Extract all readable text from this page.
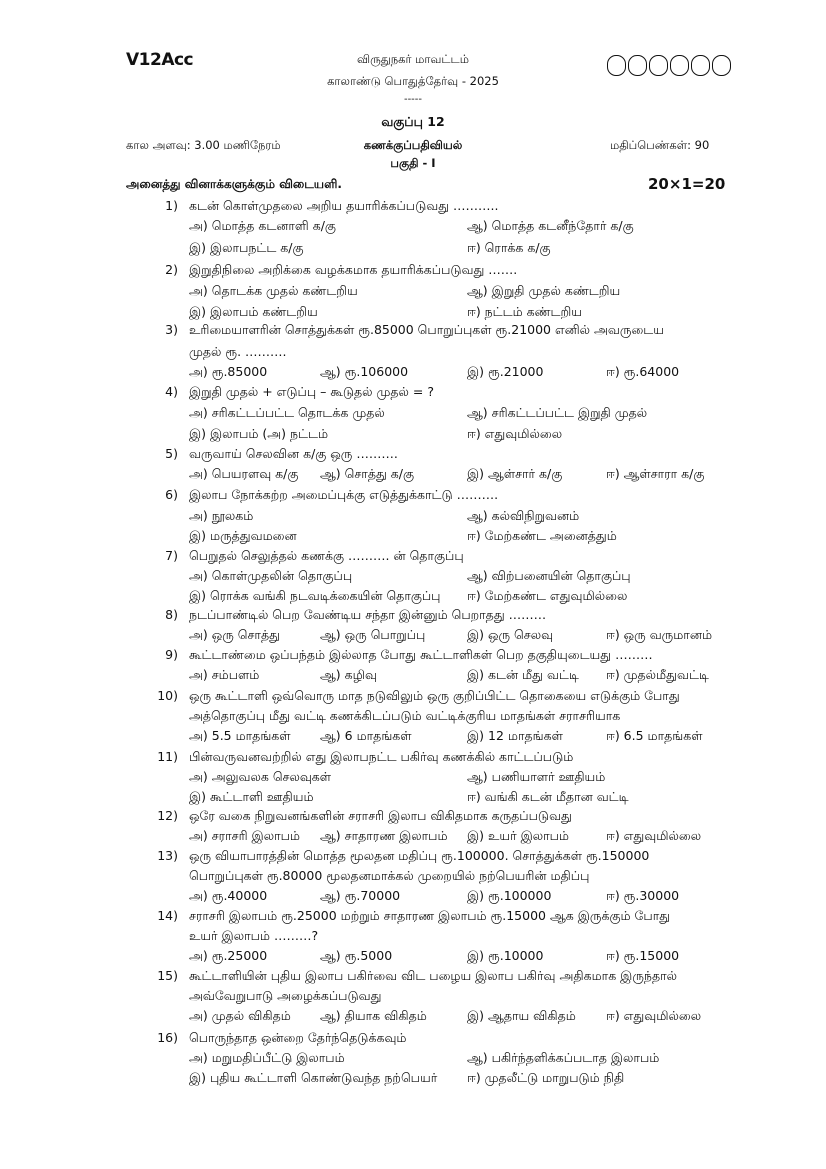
V12Acc	விருதுநகர் மாவட்டம்
காலாண்டு பொதுத்தேர்வு - 2025
-----
வகுப்பு 12
கால அளவு: 3.00 மணிநேரம்	கணக்குப்பதிவியல்	மதிப்பெண்கள்: 90
பகுதி - I
அனைத்து வினாக்களுக்கும் விடையளி.	20×1=20
1) கடன் கொள்முதலை அறிய தயாரிக்கப்படுவது ………..
அ) மொத்த கடனாளி க/கு	ஆ) மொத்த கடனீந்தோர் க/கு
இ) இலாபநட்ட க/கு	ஈ) ரொக்க க/கு
2) இறுதிநிலை அறிக்கை வழக்கமாக தயாரிக்கப்படுவது …….
அ) தொடக்க முதல் கண்டறிய	ஆ) இறுதி முதல் கண்டறிய
இ) இலாபம் கண்டறிய	ஈ) நட்டம் கண்டறிய
3) உரிமையாளரின் சொத்துக்கள் ரூ.85000 பொறுப்புகள் ரூ.21000 எனில் அவருடைய
முதல் ரூ. ……….
அ) ரூ.85000	ஆ) ரூ.106000	இ) ரூ.21000	ஈ) ரூ.64000
4) இறுதி முதல் + எடுப்பு – கூடுதல் முதல் = ?
அ) சரிகட்டப்பட்ட தொடக்க முதல்	ஆ) சரிகட்டப்பட்ட இறுதி முதல்
இ) இலாபம் (அ) நட்டம்	ஈ) எதுவுமில்லை
5) வருவாய் செலவின க/கு ஒரு ……….
அ) பெயரளவு க/கு ஆ) சொத்து க/கு	இ) ஆள்சார் க/கு	ஈ) ஆள்சாரா க/கு
6) இலாப நோக்கற்ற அமைப்புக்கு எடுத்துக்காட்டு ……….
அ) நூலகம்	ஆ) கல்விநிறுவனம்
இ) மருத்துவமனை	ஈ) மேற்கண்ட அனைத்தும்
7) பெறுதல் செலுத்தல் கணக்கு ………. ன் தொகுப்பு
அ) கொள்முதலின் தொகுப்பு	ஆ) விற்பனையின் தொகுப்பு
இ) ரொக்க வங்கி நடவடிக்கையின் தொகுப்பு ஈ) மேற்கண்ட எதுவுமில்லை
8) நடப்பாண்டில் பெற வேண்டிய சந்தா இன்னும் பெறாதது ………
அ) ஒரு சொத்து	ஆ) ஒரு பொறுப்பு	இ) ஒரு செலவு	ஈ) ஒரு வருமானம்
9) கூட்டாண்மை ஒப்பந்தம் இல்லாத போது கூட்டாளிகள் பெற தகுதியுடையது ………
அ) சம்பளம்	ஆ) கழிவு	இ) கடன் மீது வட்டி ஈ) முதல்மீதுவட்டி
10) ஒரு கூட்டாளி ஒவ்வொரு மாத நடுவிலும் ஒரு குறிப்பிட்ட தொகையை எடுக்கும் போது
அத்தொகுப்பு மீது வட்டி கணக்கிடப்படும் வட்டிக்குரிய மாதங்கள் சராசரியாக
அ) 5.5 மாதங்கள் ஆ) 6 மாதங்கள்	இ) 12 மாதங்கள்	ஈ) 6.5 மாதங்கள்
11) பின்வருவனவற்றில் எது இலாபநட்ட பகிர்வு கணக்கில் காட்டப்படும்
அ) அலுவலக செலவுகள்	ஆ) பணியாளர் ஊதியம்
இ) கூட்டாளி ஊதியம்	ஈ) வங்கி கடன் மீதான வட்டி
12) ஒரே வகை நிறுவனங்களின் சராசரி இலாப விகிதமாக கருதப்படுவது
அ) சராசரி இலாபம் ஆ) சாதாரண இலாபம் இ) உயர் இலாபம்	ஈ) எதுவுமில்லை
13) ஒரு வியாபாரத்தின் மொத்த மூலதன மதிப்பு ரூ.100000. சொத்துக்கள் ரூ.150000
பொறுப்புகள் ரூ.80000 மூலதனமாக்கல் முறையில் நற்பெயரின் மதிப்பு
அ) ரூ.40000	ஆ) ரூ.70000	இ) ரூ.100000	ஈ) ரூ.30000
14) சராசரி இலாபம் ரூ.25000 மற்றும் சாதாரண இலாபம் ரூ.15000 ஆக இருக்கும் போது
உயர் இலாபம் ………?
அ) ரூ.25000	ஆ) ரூ.5000	இ) ரூ.10000	ஈ) ரூ.15000
15) கூட்டாளியின் புதிய இலாப பகிர்வை விட பழைய இலாப பகிர்வு அதிகமாக இருந்தால்
அவ்வேறுபாடு அழைக்கப்படுவது
அ) முதல் விகிதம் ஆ) தியாக விகிதம்	இ) ஆதாய விகிதம் ஈ) எதுவுமில்லை
16) பொருந்தாத ஒன்றை தேர்ந்தெடுக்கவும்
அ) மறுமதிப்பீட்டு இலாபம்	ஆ) பகிர்ந்தளிக்கப்படாத இலாபம்
இ) புதிய கூட்டாளி கொண்டுவந்த நற்பெயர் ஈ) முதலீட்டு மாறுபடும் நிதி
